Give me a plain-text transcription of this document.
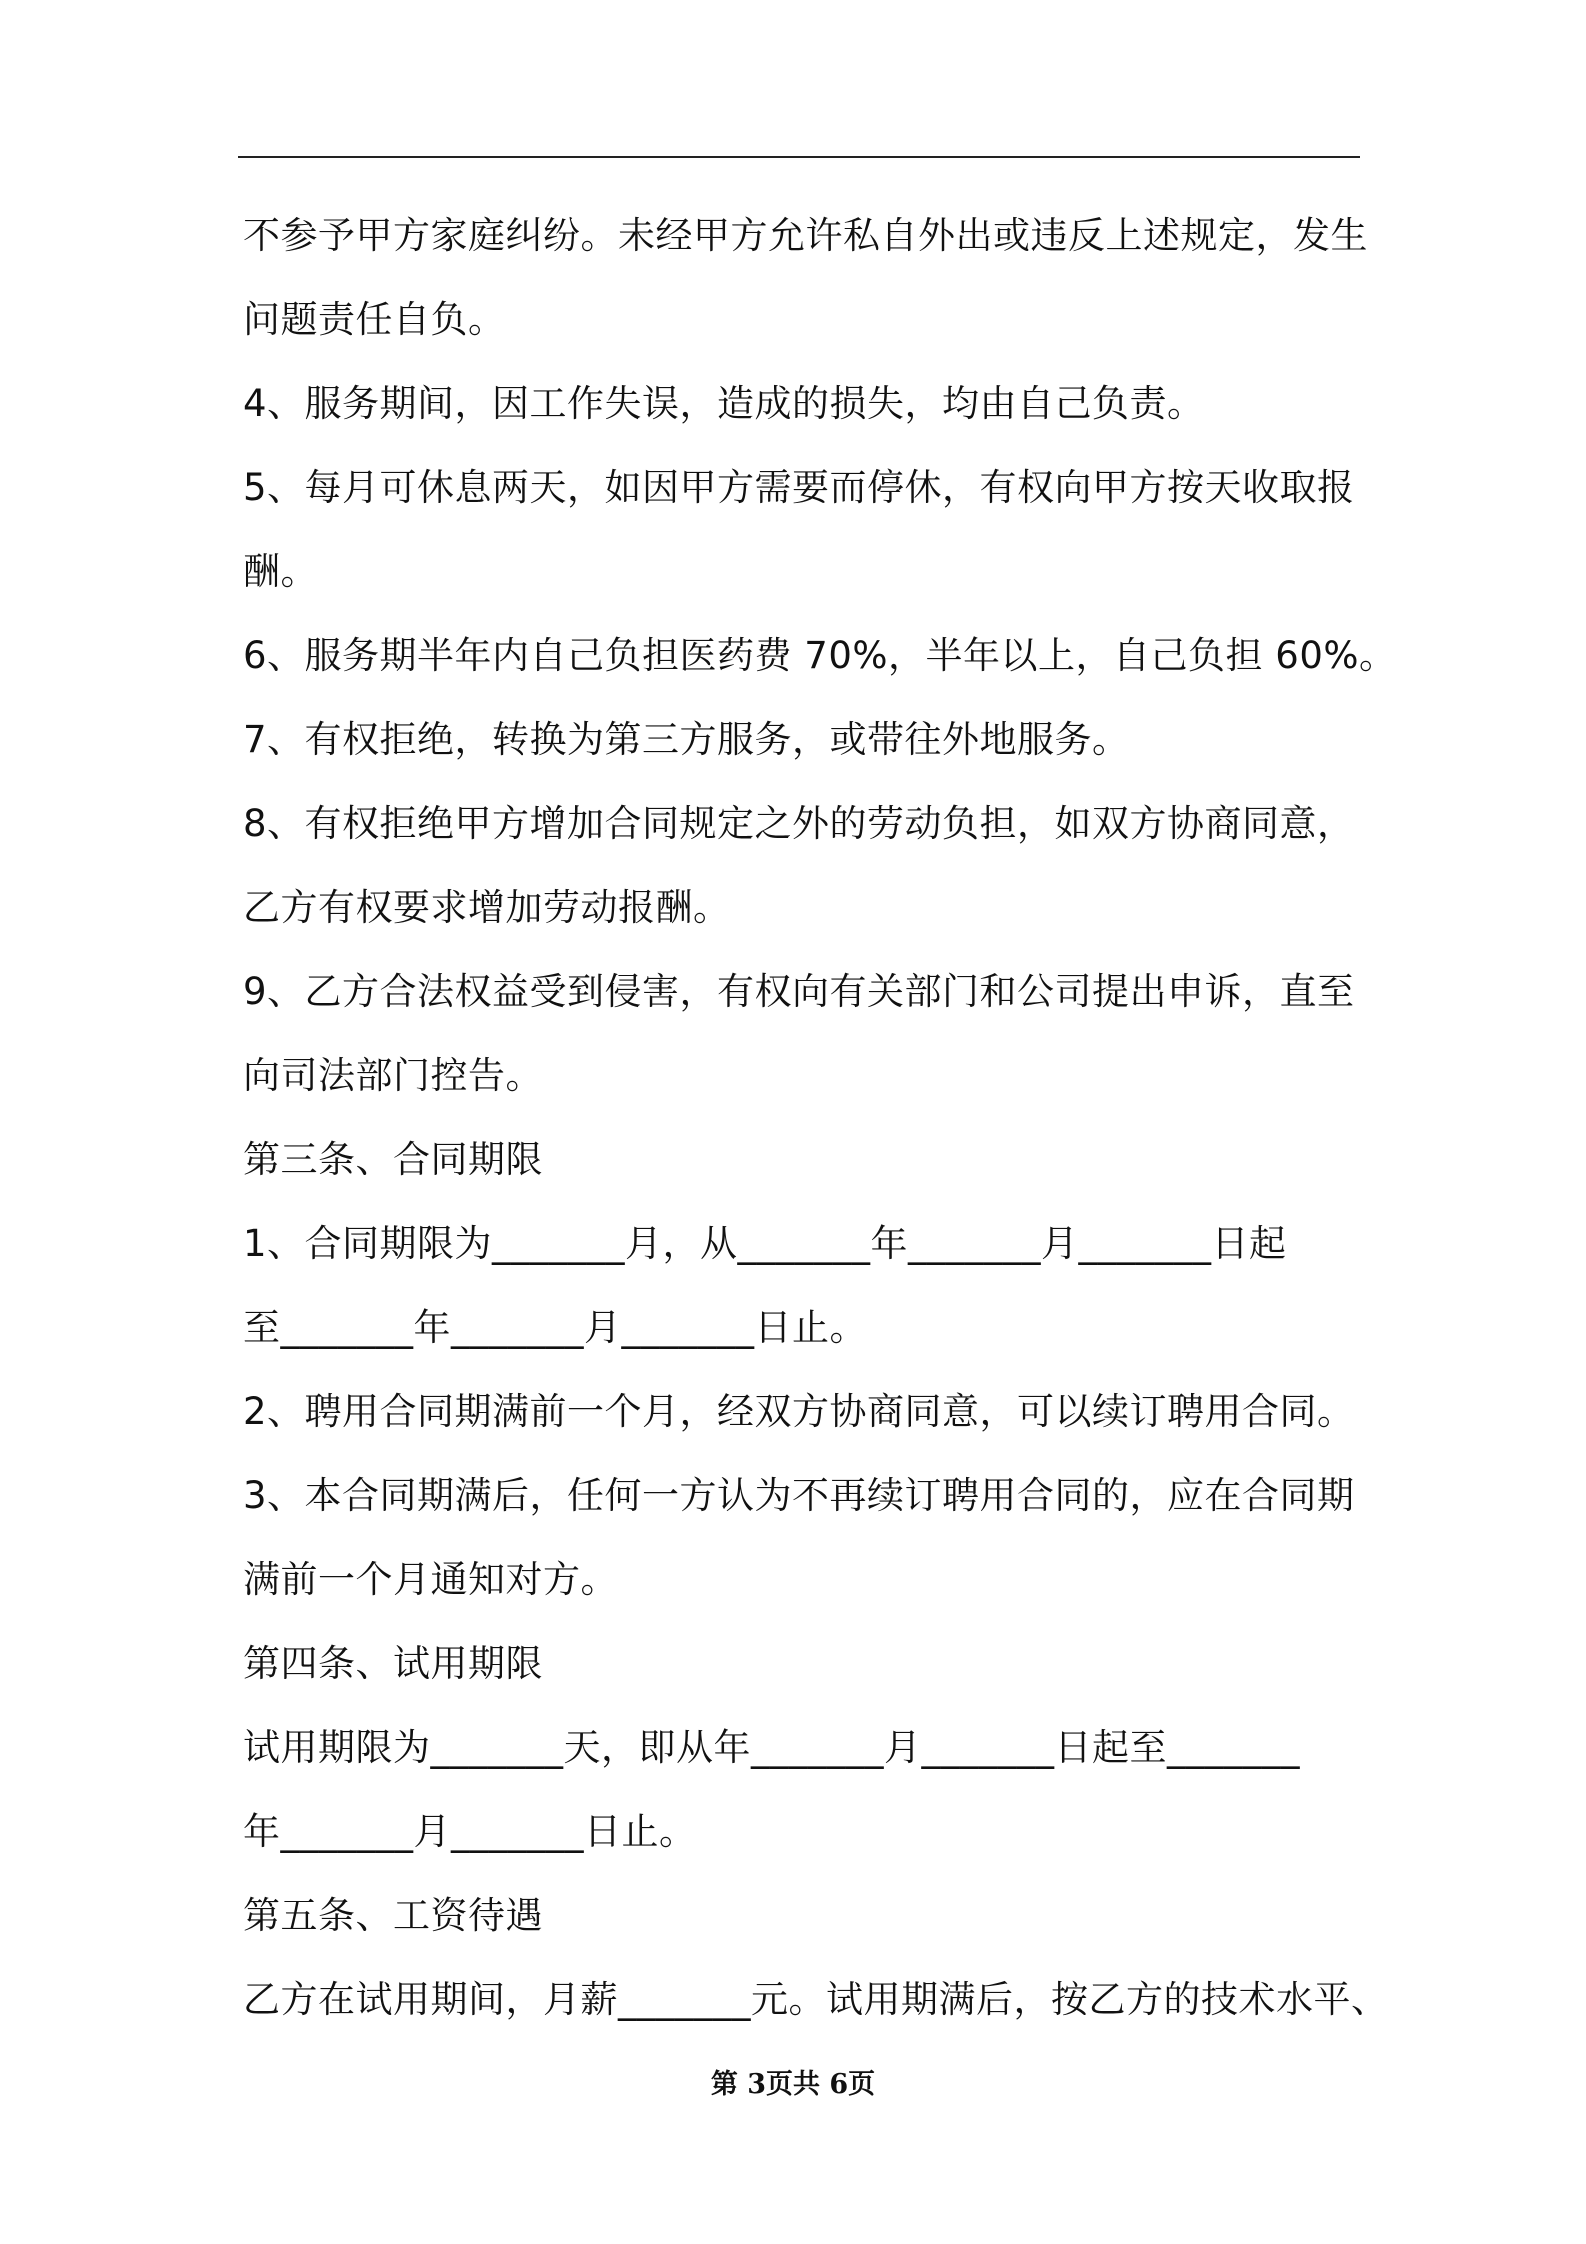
不参予甲方家庭纠纷。未经甲方允许私自外出或违反上述规定，发生
问题责任自负。
4、服务期间，因工作失误，造成的损失，均由自己负责。
5、每月可休息两天，如因甲方需要而停休，有权向甲方按天收取报
酬。
6、服务期半年内自己负担医药费 70%，半年以上，自己负担 60%。
7、有权拒绝，转换为第三方服务，或带往外地服务。
8、有权拒绝甲方增加合同规定之外的劳动负担，如双方协商同意，
乙方有权要求增加劳动报酬。
9、乙方合法权益受到侵害，有权向有关部门和公司提出申诉，直至
向司法部门控告。
第三条、合同期限
1、合同期限为_______月，从_______年_______月_______日起
至_______年_______月_______日止。
2、聘用合同期满前一个月，经双方协商同意，可以续订聘用合同。
3、本合同期满后，任何一方认为不再续订聘用合同的，应在合同期
满前一个月通知对方。
第四条、试用期限
试用期限为_______天，即从年_______月_______日起至_______
年_______月_______日止。
第五条、工资待遇
乙方在试用期间，月薪_______元。试用期满后，按乙方的技术水平、
第 3页共 6页
